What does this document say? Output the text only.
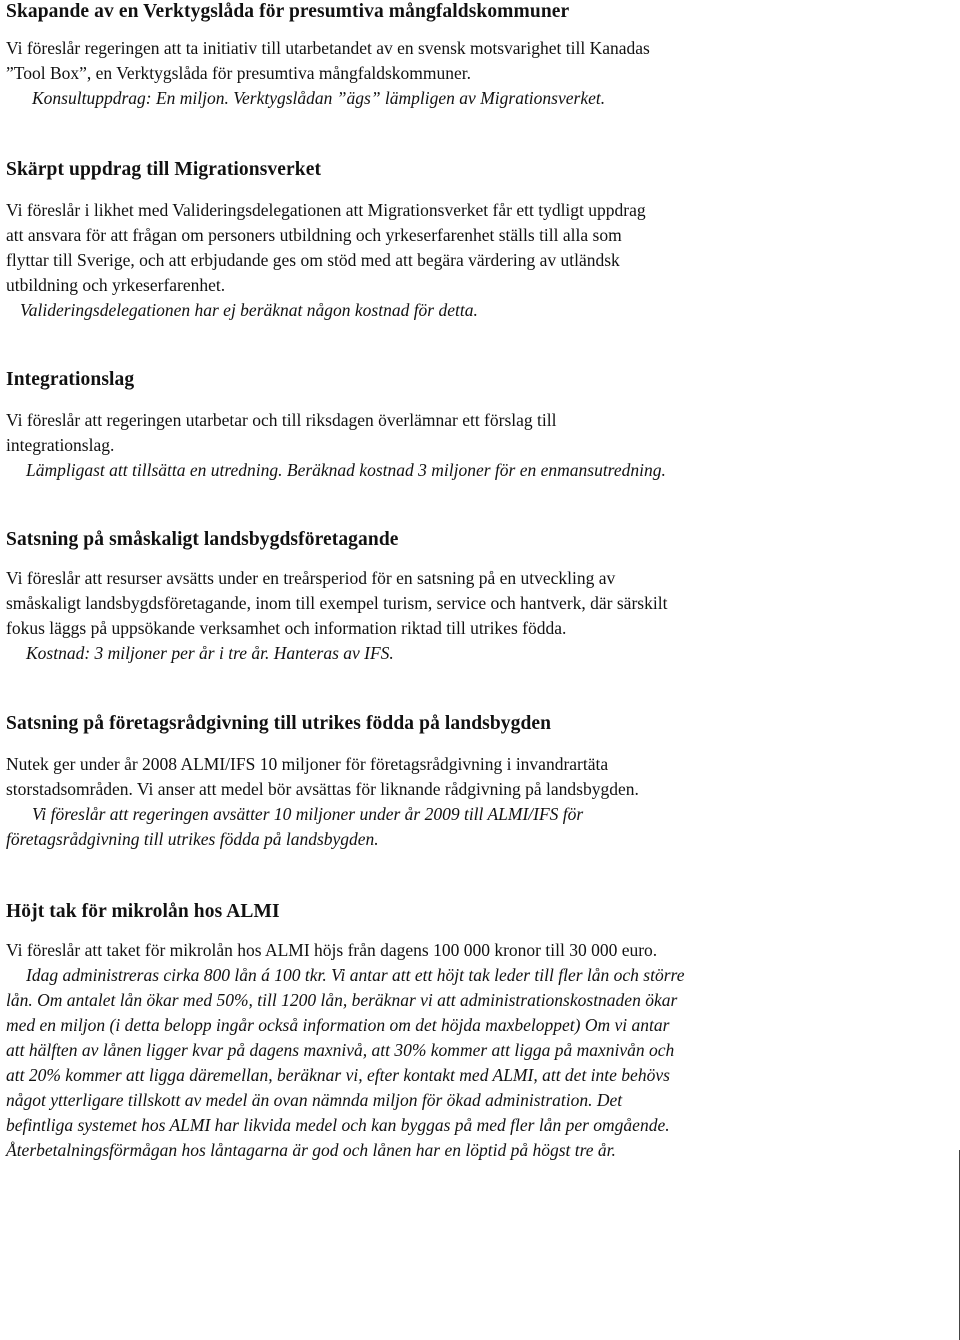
Skapande av en Verktygslåda för presumtiva mångfaldskommuner

Vi föreslår regeringen att ta initiativ till utarbetandet av en svensk motsvarighet till Kanadas
”Tool Box”, en Verktygslåda för presumtiva mångfaldskommuner.
Konsultuppdrag: En miljon. Verktygslådan ”ägs” lämpligen av Migrationsverket.

Skärpt uppdrag till Migrationsverket

Vi föreslår i likhet med Valideringsdelegationen att Migrationsverket får ett tydligt uppdrag
att ansvara för att frågan om personers utbildning och yrkeserfarenhet ställs till alla som
flyttar till Sverige, och att erbjudande ges om stöd med att begära värdering av utländsk
utbildning och yrkeserfarenhet.
Valideringsdelegationen har ej beräknat någon kostnad för detta.

Integrationslag

Vi föreslår att regeringen utarbetar och till riksdagen överlämnar ett förslag till
integrationslag.
Lämpligast att tillsätta en utredning. Beräknad kostnad 3 miljoner för en enmansutredning.

Satsning på småskaligt landsbygdsföretagande

Vi föreslår att resurser avsätts under en treårsperiod för en satsning på en utveckling av
småskaligt landsbygdsföretagande, inom till exempel turism, service och hantverk, där särskilt
fokus läggs på uppsökande verksamhet och information riktad till utrikes födda.
Kostnad: 3 miljoner per år i tre år. Hanteras av IFS.

Satsning på företagsrådgivning till utrikes födda på landsbygden

Nutek ger under år 2008 ALMI/IFS 10 miljoner för företagsrådgivning i invandrartäta
storstadsområden. Vi anser att medel bör avsättas för liknande rådgivning på landsbygden.
Vi föreslår att regeringen avsätter 10 miljoner under år 2009 till ALMI/IFS för
företagsrådgivning till utrikes födda på landsbygden.

Höjt tak för mikrolån hos ALMI

Vi föreslår att taket för mikrolån hos ALMI höjs från dagens 100 000 kronor till 30 000 euro.
Idag administreras cirka 800 lån á 100 tkr. Vi antar att ett höjt tak leder till fler lån och större
lån. Om antalet lån ökar med 50%, till 1200 lån, beräknar vi att administrationskostnaden ökar
med en miljon (i detta belopp ingår också information om det höjda maxbeloppet) Om vi antar
att hälften av lånen ligger kvar på dagens maxnivå, att 30% kommer att ligga på maxnivån och
att 20% kommer att ligga däremellan, beräknar vi, efter kontakt med ALMI, att det inte behövs
något ytterligare tillskott av medel än ovan nämnda miljon för ökad administration. Det
befintliga systemet hos ALMI har likvida medel och kan byggas på med fler lån per omgående.
Återbetalningsförmågan hos låntagarna är god och lånen har en löptid på högst tre år.
